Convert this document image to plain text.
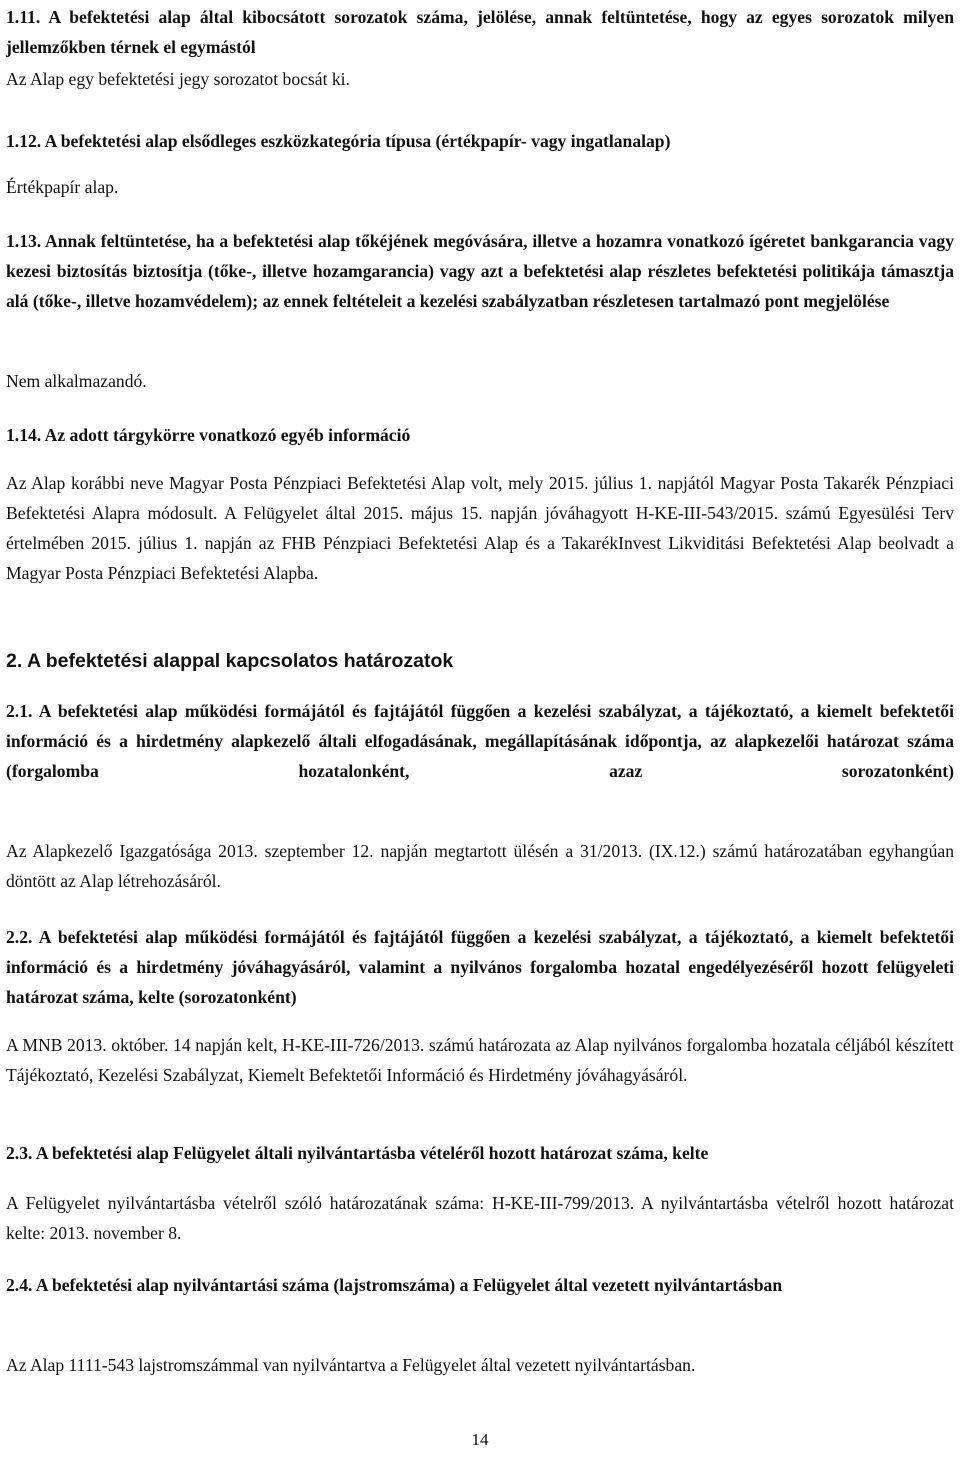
1.11. A befektetési alap által kibocsátott sorozatok száma, jelölése, annak feltüntetése, hogy az egyes sorozatok milyen jellemzőkben térnek el egymástól
Az Alap egy befektetési jegy sorozatot bocsát ki.
1.12. A befektetési alap elsődleges eszközkategória típusa (értékpapír- vagy ingatlanalap)
Értékpapír alap.
1.13. Annak feltüntetése, ha a befektetési alap tőkéjének megóvására, illetve a hozamra vonatkozó ígéretet bankgarancia vagy kezesi biztosítás biztosítja (tőke-, illetve hozamgarancia) vagy azt a befektetési alap részletes befektetési politikája támasztja alá (tőke-, illetve hozamvédelem); az ennek feltételeit a kezelési szabályzatban részletesen tartalmazó pont megjelölése
Nem alkalmazandó.
1.14. Az adott tárgykörre vonatkozó egyéb információ
Az Alap korábbi neve Magyar Posta Pénzpiaci Befektetési Alap volt, mely 2015. július 1. napjától Magyar Posta Takarék Pénzpiaci Befektetési Alapra módosult. A Felügyelet által 2015. május 15. napján jóváhagyott H-KE-III-543/2015. számú Egyesülési Terv értelmében 2015. július 1. napján az FHB Pénzpiaci Befektetési Alap és a TakarékInvest Likviditási Befektetési Alap beolvadt a Magyar Posta Pénzpiaci Befektetési Alapba.
2. A befektetési alappal kapcsolatos határozatok
2.1. A befektetési alap működési formájától és fajtájától függően a kezelési szabályzat, a tájékoztató, a kiemelt befektetői információ és a hirdetmény alapkezelő általi elfogadásának, megállapításának időpontja, az alapkezelői határozat száma (forgalomba hozatalonként, azaz sorozatonként)
Az Alapkezelő Igazgatósága 2013. szeptember 12. napján megtartott ülésén a 31/2013. (IX.12.) számú határozatában egyhangúan döntött az Alap létrehozásáról.
2.2. A befektetési alap működési formájától és fajtájától függően a kezelési szabályzat, a tájékoztató, a kiemelt befektetői információ és a hirdetmény jóváhagyásáról, valamint a nyilvános forgalomba hozatal engedélyezéséről hozott felügyeleti határozat száma, kelte (sorozatonként)
A MNB 2013. október. 14 napján kelt, H-KE-III-726/2013. számú határozata az Alap nyilvános forgalomba hozatala céljából készített Tájékoztató, Kezelési Szabályzat, Kiemelt Befektetői Információ és Hirdetmény jóváhagyásáról.
2.3. A befektetési alap Felügyelet általi nyilvántartásba vételéről hozott határozat száma, kelte
A Felügyelet nyilvántartásba vételről szóló határozatának száma: H-KE-III-799/2013. A nyilvántartásba vételről hozott határozat kelte: 2013. november 8.
2.4. A befektetési alap nyilvántartási száma (lajstromszáma) a Felügyelet által vezetett nyilvántartásban
Az Alap 1111-543 lajstromszámmal van nyilvántartva a Felügyelet által vezetett nyilvántartásban.
14
